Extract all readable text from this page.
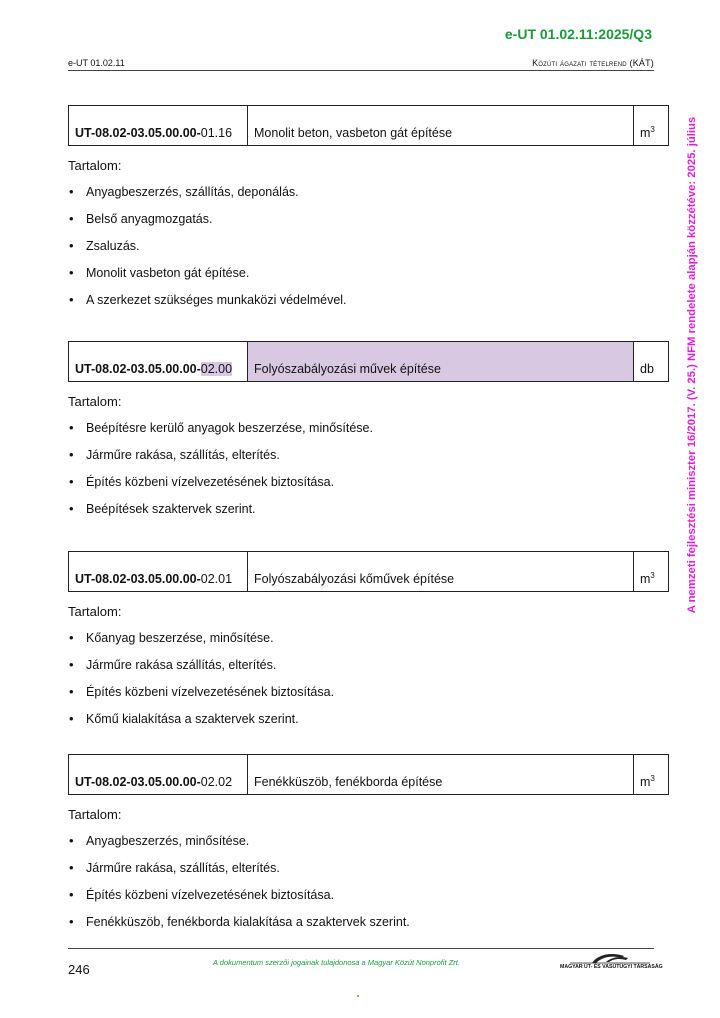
e-UT 01.02.11:2025/Q3
e-UT 01.02.11	Közúti ágazati tételrend (KÁT)
A nemzeti fejlesztési miniszter 16/2017. (V. 25.) NFM rendelete alapján közzétéve: 2025. július
UT-08.02-03.05.00.00-01.16	Monolit beton, vasbeton gát építése	$m^3$
Tartalom:
• Anyagbeszerzés, szállítás, deponálás.
• Belső anyagmozgatás.
• Zsaluzás.
• Monolit vasbeton gát építése.
• A szerkezet szükséges munkaközi védelmével.
UT-08.02-03.05.00.00-02.00	Folyószabályozási művek építése	db
Tartalom:
• Beépítésre kerülő anyagok beszerzése, minősítése.
• Járműre rakása, szállítás, elterítés.
• Építés közbeni vízelvezetésének biztosítása.
• Beépítések szaktervek szerint.
UT-08.02-03.05.00.00-02.01	Folyószabályozási kőművek építése	$m^3$
Tartalom:
• Kőanyag beszerzése, minősítése.
• Járműre rakása szállítás, elterítés.
• Építés közbeni vízelvezetésének biztosítása.
• Kőmű kialakítása a szaktervek szerint.
UT-08.02-03.05.00.00-02.02	Fenékküszöb, fenékborda építése	$m^3$
Tartalom:
• Anyagbeszerzés, minősítése.
• Járműre rakása, szállítás, elterítés.
• Építés közbeni vízelvezetésének biztosítása.
• Fenékküszöb, fenékborda kialakítása a szaktervek szerint.
246	A dokumentum szerzői jogainak tulajdonosa a Magyar Közút Nonprofit Zrt.	MAGYAR ÚT- ÉS VASÚTÜGYI TÁRSASÁG
